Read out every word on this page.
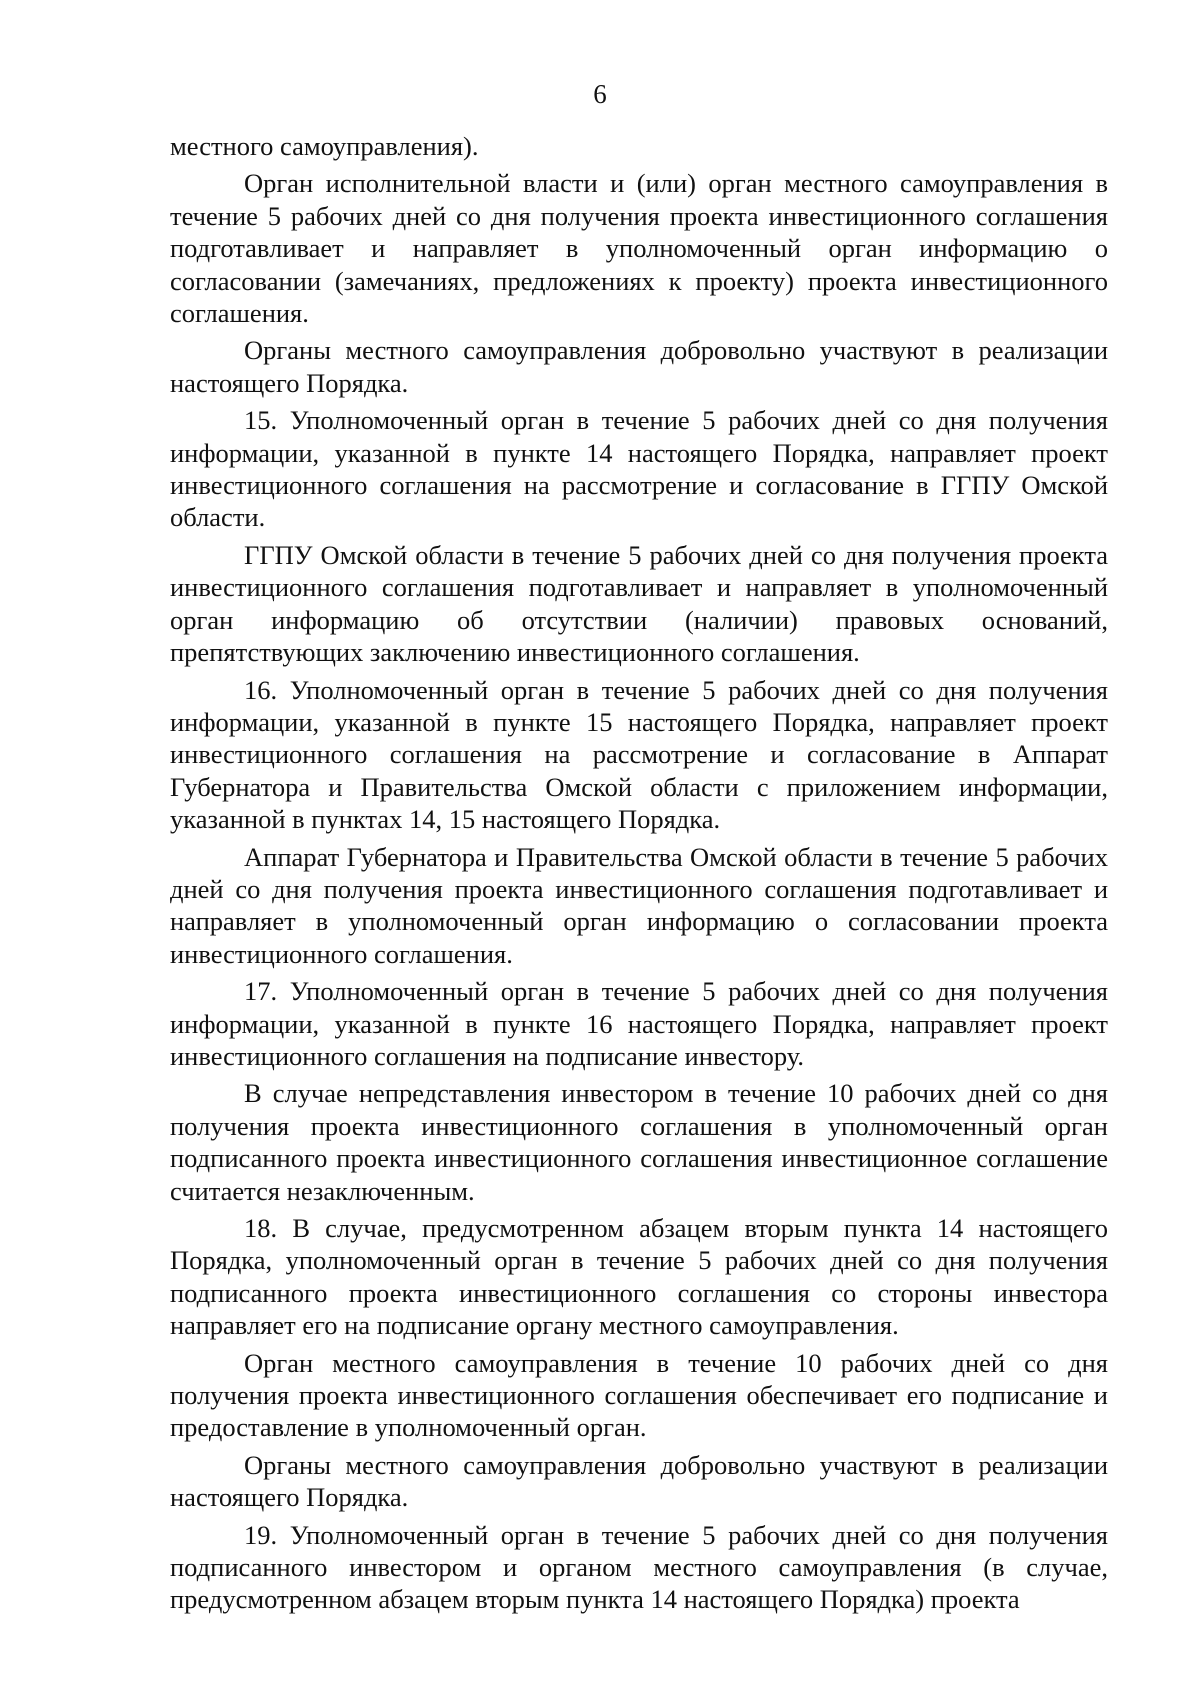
6

местного самоуправления).

Орган исполнительной власти и (или) орган местного самоуправления в течение 5 рабочих дней со дня получения проекта инвестиционного соглашения подготавливает и направляет в уполномоченный орган информацию о согласовании (замечаниях, предложениях к проекту) проекта инвестиционного соглашения.

Органы местного самоуправления добровольно участвуют в реализации настоящего Порядка.

15. Уполномоченный орган в течение 5 рабочих дней со дня получения информации, указанной в пункте 14 настоящего Порядка, направляет проект инвестиционного соглашения на рассмотрение и согласование в ГГПУ Омской области.

ГГПУ Омской области в течение 5 рабочих дней со дня получения проекта инвестиционного соглашения подготавливает и направляет в уполномоченный орган информацию об отсутствии (наличии) правовых оснований, препятствующих заключению инвестиционного соглашения.

16. Уполномоченный орган в течение 5 рабочих дней со дня получения информации, указанной в пункте 15 настоящего Порядка, направляет проект инвестиционного соглашения на рассмотрение и согласование в Аппарат Губернатора и Правительства Омской области с приложением информации, указанной в пунктах 14, 15 настоящего Порядка.

Аппарат Губернатора и Правительства Омской области в течение 5 рабочих дней со дня получения проекта инвестиционного соглашения подготавливает и направляет в уполномоченный орган информацию о согласовании проекта инвестиционного соглашения.

17. Уполномоченный орган в течение 5 рабочих дней со дня получения информации, указанной в пункте 16 настоящего Порядка, направляет проект инвестиционного соглашения на подписание инвестору.

В случае непредставления инвестором в течение 10 рабочих дней со дня получения проекта инвестиционного соглашения в уполномоченный орган подписанного проекта инвестиционного соглашения инвестиционное соглашение считается незаключенным.

18. В случае, предусмотренном абзацем вторым пункта 14 настоящего Порядка, уполномоченный орган в течение 5 рабочих дней со дня получения подписанного проекта инвестиционного соглашения со стороны инвестора направляет его на подписание органу местного самоуправления.

Орган местного самоуправления в течение 10 рабочих дней со дня получения проекта инвестиционного соглашения обеспечивает его подписание и предоставление в уполномоченный орган.

Органы местного самоуправления добровольно участвуют в реализации настоящего Порядка.

19. Уполномоченный орган в течение 5 рабочих дней со дня получения подписанного инвестором и органом местного самоуправления (в случае, предусмотренном абзацем вторым пункта 14 настоящего Порядка) проекта
